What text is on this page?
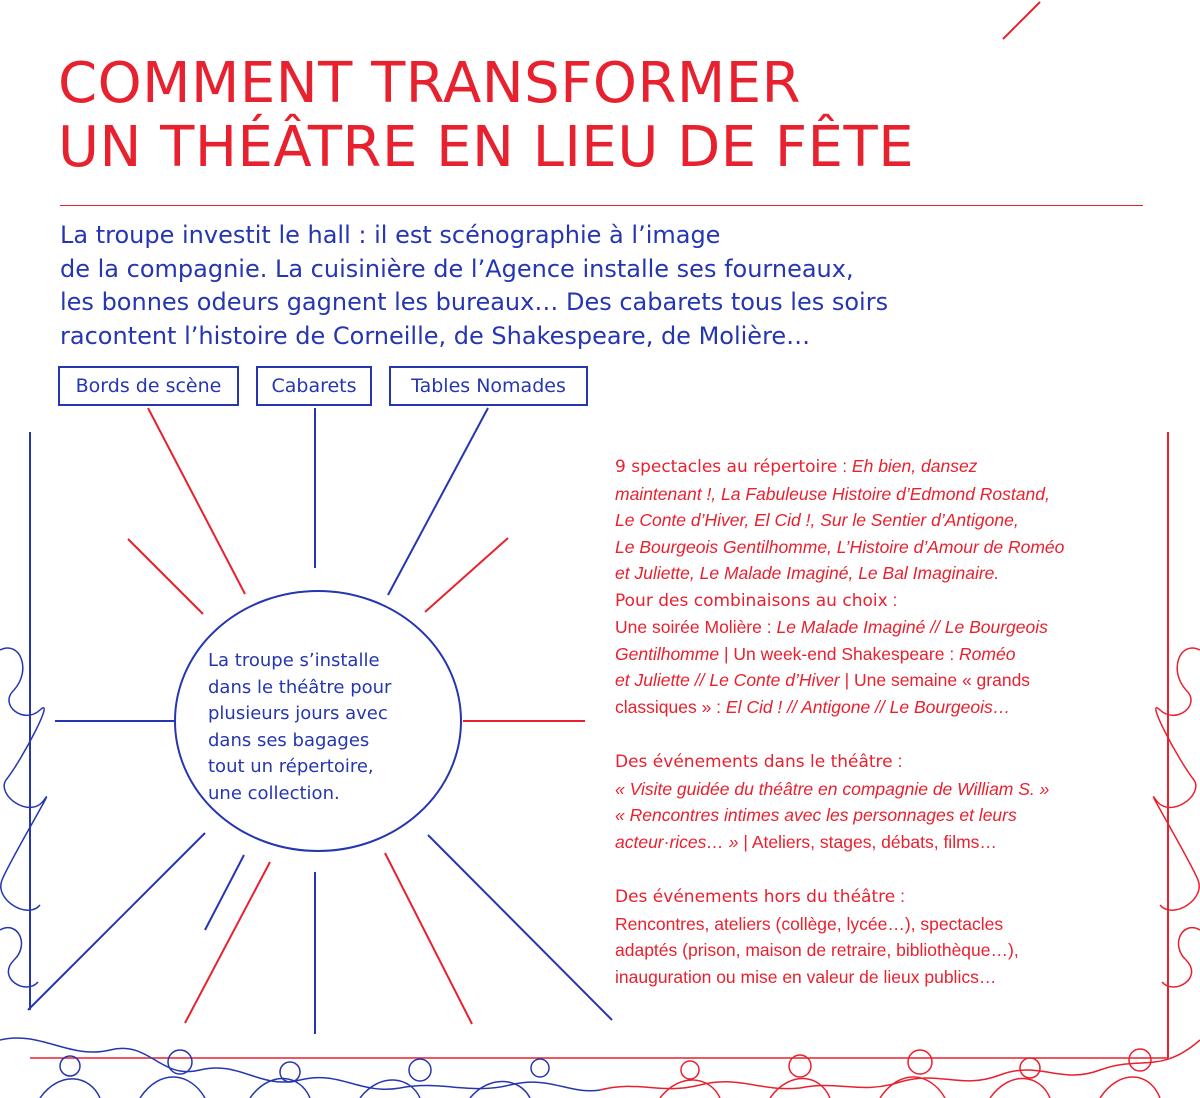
COMMENT TRANSFORMER
UN THÉÂTRE EN LIEU DE FÊTE
La troupe investit le hall : il est scénographie à l’image
de la compagnie. La cuisinière de l’Agence installe ses fourneaux,
les bonnes odeurs gagnent les bureaux… Des cabarets tous les soirs
racontent l’histoire de Corneille, de Shakespeare, de Molière…
Bords de scène	Cabarets	Tables Nomades
La troupe s’installe
dans le théâtre pour
plusieurs jours avec
dans ses bagages
tout un répertoire,
une collection.
9 spectacles au répertoire : Eh bien, dansez
maintenant !, La Fabuleuse Histoire d’Edmond Rostand,
Le Conte d’Hiver, El Cid !, Sur le Sentier d’Antigone,
Le Bourgeois Gentilhomme, L’Histoire d’Amour de Roméo
et Juliette, Le Malade Imaginé, Le Bal Imaginaire.
Pour des combinaisons au choix :
Une soirée Molière : Le Malade Imaginé // Le Bourgeois
Gentilhomme | Un week-end Shakespeare : Roméo
et Juliette // Le Conte d’Hiver | Une semaine « grands
classiques » : El Cid ! // Antigone // Le Bourgeois…
Des événements dans le théâtre :
« Visite guidée du théâtre en compagnie de William S. »
« Rencontres intimes avec les personnages et leurs
acteur·rices… » | Ateliers, stages, débats, films…
Des événements hors du théâtre :
Rencontres, ateliers (collège, lycée…), spectacles
adaptés (prison, maison de retraire, bibliothèque…),
inauguration ou mise en valeur de lieux publics…
